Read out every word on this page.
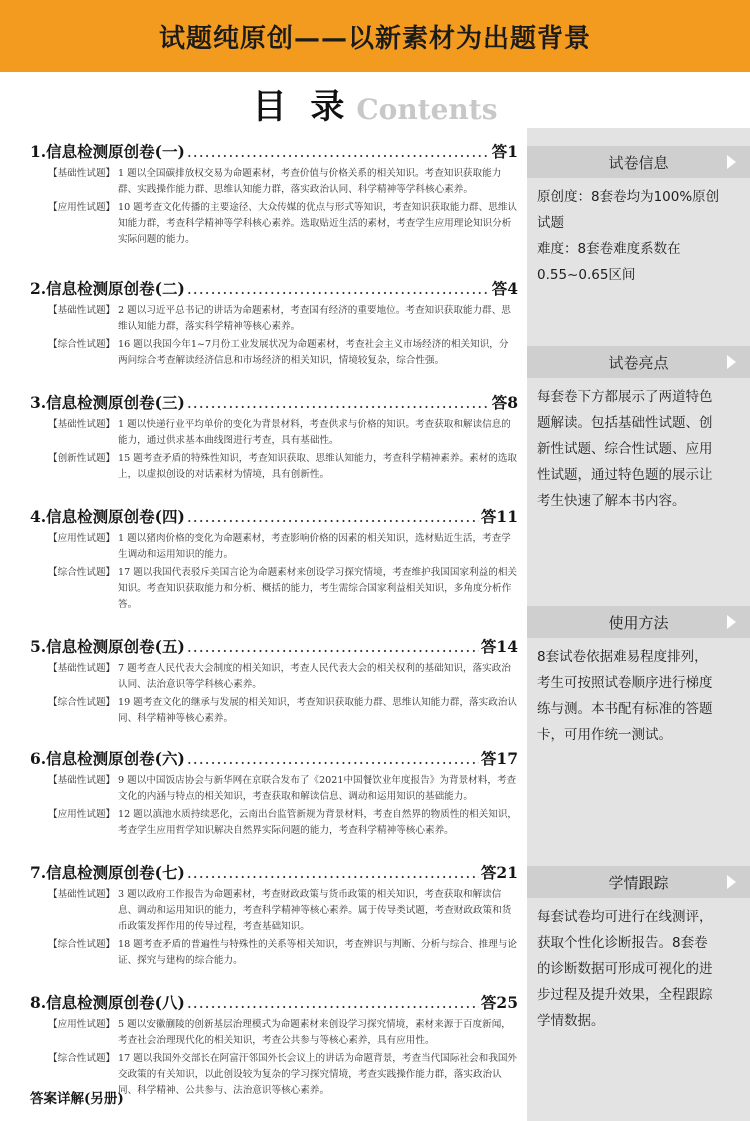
试题纯原创——以新素材为出题背景
目 录 Contents
1.信息检测原创卷(一) .....	答1
【基础性试题】 1 题以全国碳排放权交易为命题素材，考查价值与价格关系的相关知识。考查知识获取能力群、实践操作能力群、思维认知能力群，落实政治认同、科学精神等学科核心素养。
【应用性试题】 10 题考查文化传播的主要途径、大众传媒的优点与形式等知识，考查知识获取能力群、思维认知能力群，考查科学精神等学科核心素养。选取贴近生活的素材，考查学生应用理论知识分析实际问题的能力。
2.信息检测原创卷(二) .....	答4
【基础性试题】 2 题以习近平总书记的讲话为命题素材，考查国有经济的重要地位。考查知识获取能力群、思维认知能力群，落实科学精神等核心素养。
【综合性试题】 16 题以我国今年1~7月份工业发展状况为命题素材，考查社会主义市场经济的相关知识，分两问综合考查解读经济信息和市场经济的相关知识，情境较复杂，综合性强。
3.信息检测原创卷(三) .....	答8
【基础性试题】 1 题以快递行业平均单价的变化为背景材料，考查供求与价格的知识。考查获取和解读信息的能力，通过供求基本曲线图进行考查，具有基础性。
【创新性试题】 15 题考查矛盾的特殊性知识，考查知识获取、思维认知能力，考查科学精神素养。素材的选取上，以虚拟创设的对话素材为情境，具有创新性。
4.信息检测原创卷(四) .....	答11
【应用性试题】 1 题以猪肉价格的变化为命题素材，考查影响价格的因素的相关知识，选材贴近生活，考查学生调动和运用知识的能力。
【综合性试题】 17 题以我国代表驳斥美国言论为命题素材来创设学习探究情境，考查维护我国国家利益的相关知识。考查知识获取能力和分析、概括的能力，考生需综合国家利益相关知识，多角度分析作答。
5.信息检测原创卷(五) .....	答14
【基础性试题】 7 题考查人民代表大会制度的相关知识，考查人民代表大会的相关权利的基础知识，落实政治认同、法治意识等学科核心素养。
【综合性试题】 19 题考查文化的继承与发展的相关知识，考查知识获取能力群、思维认知能力群，落实政治认同、科学精神等核心素养。
6.信息检测原创卷(六) .....	答17
【基础性试题】 9 题以中国饭店协会与新华网在京联合发布了《2021中国餐饮业年度报告》为背景材料，考查文化的内涵与特点的相关知识，考查获取和解读信息、调动和运用知识的基础能力。
【应用性试题】 12 题以滇池水质持续恶化，云南出台监管新规为背景材料，考查自然界的物质性的相关知识，考查学生应用哲学知识解决自然界实际问题的能力，考查科学精神等核心素养。
7.信息检测原创卷(七) .....	答21
【基础性试题】 3 题以政府工作报告为命题素材，考查财政政策与货币政策的相关知识，考查获取和解读信息、调动和运用知识的能力，考查科学精神等核心素养。属于传导类试题，考查财政政策和货币政策发挥作用的传导过程，考查基础知识。
【综合性试题】 18 题考查矛盾的普遍性与特殊性的关系等相关知识，考查辨识与判断、分析与综合、推理与论证、探究与建构的综合能力。
8.信息检测原创卷(八) .....	答25
【应用性试题】 5 题以安徽蒯陵的创新基层治理模式为命题素材来创设学习探究情境，素材来源于百度新闻，考查社会治理现代化的相关知识，考查公共参与等核心素养，具有应用性。
【综合性试题】 17 题以我国外交部长在阿富汗邻国外长会议上的讲话为命题背景，考查当代国际社会和我国外交政策的有关知识，以此创设较为复杂的学习探究情境，考查实践操作能力群，落实政治认同、科学精神、公共参与、法治意识等核心素养。
答案详解(另册)
试卷信息

原创度：8套卷均为100%原创

试题

难度：8套卷难度系数在

0.55~0.65区间

试卷亮点

每套卷下方都展示了两道特色

题解读。包括基础性试题、创

新性试题、综合性试题、应用

性试题，通过特色题的展示让

考生快速了解本书内容。

使用方法

8套试卷依据难易程度排列，

考生可按照试卷顺序进行梯度

练与测。本书配有标准的答题

卡，可用作统一测试。

学情跟踪

每套试卷均可进行在线测评，

获取个性化诊断报告。8套卷

的诊断数据可形成可视化的进

步过程及提升效果，全程跟踪

学情数据。
